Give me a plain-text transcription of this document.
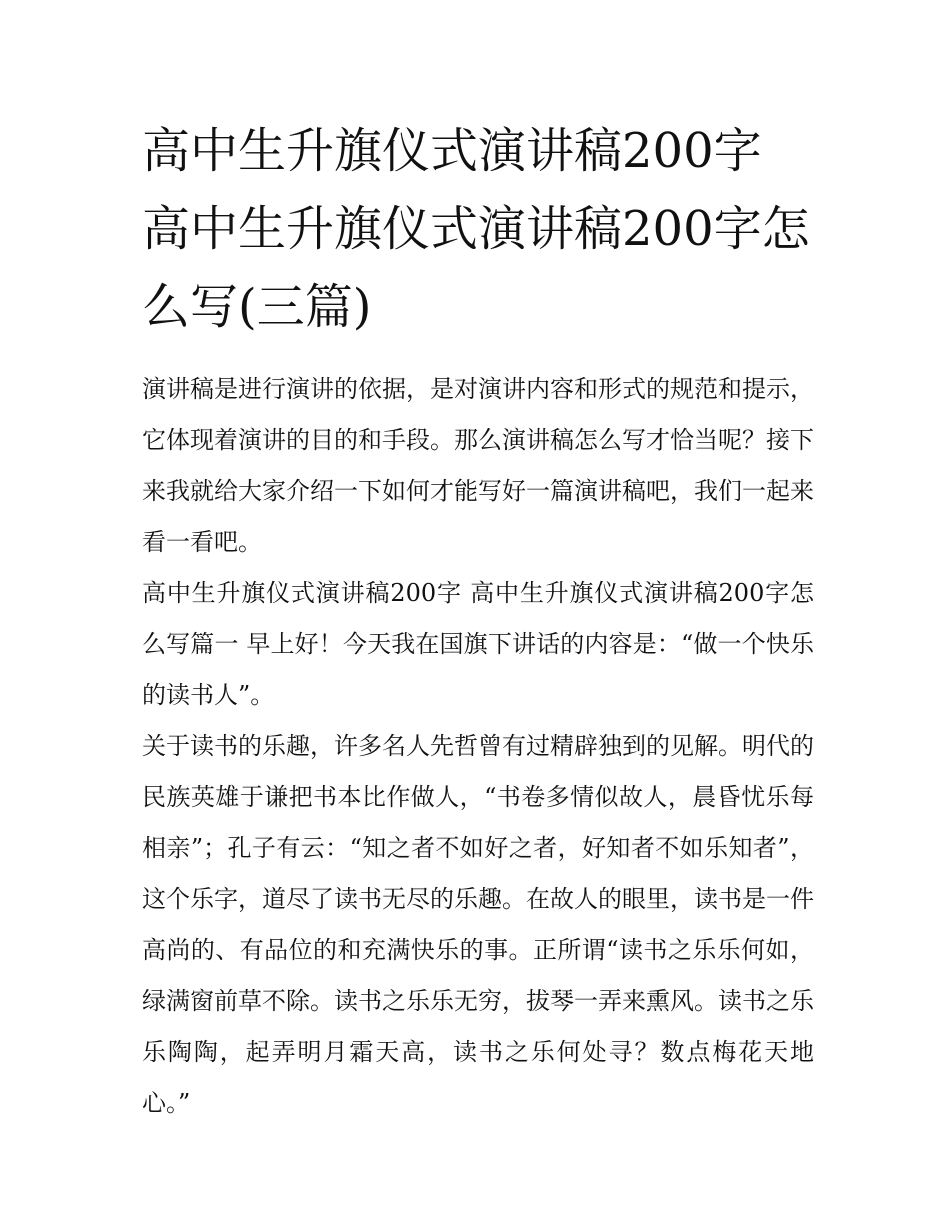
高中生升旗仪式演讲稿200字 高中生升旗仪式演讲稿200字怎么写(三篇)

演讲稿是进行演讲的依据，是对演讲内容和形式的规范和提示，它体现着演讲的目的和手段。那么演讲稿怎么写才恰当呢？接下来我就给大家介绍一下如何才能写好一篇演讲稿吧，我们一起来看一看吧。

高中生升旗仪式演讲稿200字 高中生升旗仪式演讲稿200字怎么写篇一 早上好！今天我在国旗下讲话的内容是：“做一个快乐的读书人”。

关于读书的乐趣，许多名人先哲曾有过精辟独到的见解。明代的民族英雄于谦把书本比作做人，“书卷多情似故人，晨昏忧乐每相亲”；孔子有云：“知之者不如好之者，好知者不如乐知者”，这个乐字，道尽了读书无尽的乐趣。在故人的眼里，读书是一件高尚的、有品位的和充满快乐的事。正所谓“读书之乐乐何如，绿满窗前草不除。读书之乐乐无穷，拔琴一弄来熏风。读书之乐乐陶陶，起弄明月霜天高，读书之乐何处寻？数点梅花天地心。”
